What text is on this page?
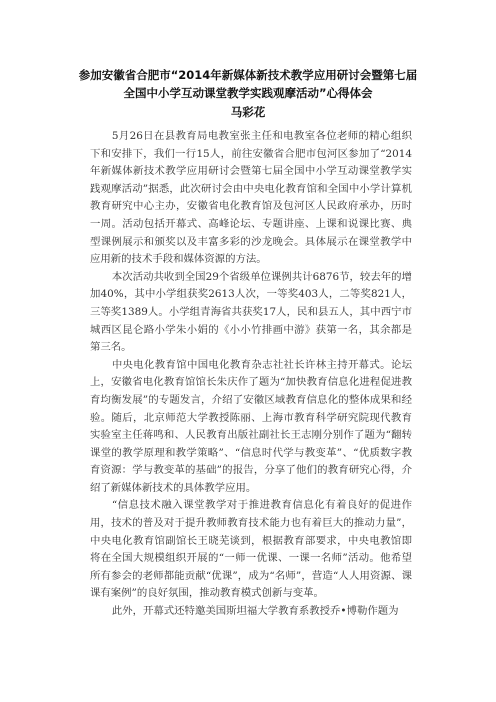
参加安徽省合肥市“2014年新媒体新技术教学应用研讨会暨第七届
全国中小学互动课堂教学实践观摩活动”心得体会
马彩花

5月26日在县教育局电教室张主任和电教室各位老师的精心组织下和安排下，我们一行15人，前往安徽省合肥市包河区参加了“2014年新媒体新技术教学应用研讨会暨第七届全国中小学互动课堂教学实践观摩活动”据悉，此次研讨会由中央电化教育馆和全国中小学计算机教育研究中心主办，安徽省电化教育馆及包河区人民政府承办，历时一周。活动包括开幕式、高峰论坛、专题讲座、上课和说课比赛、典型课例展示和颁奖以及丰富多彩的沙龙晚会。具体展示在课堂教学中应用新的技术手段和媒体资源的方法。

本次活动共收到全国29个省级单位课例共计6876节，较去年的增加40%，其中小学组获奖2613人次，一等奖403人，二等奖821人，三等奖1389人。小学组青海省共获奖17人，民和县五人，其中西宁市城西区昆仑路小学朱小娟的《小小竹排画中游》获第一名，其余都是第三名。

中央电化教育馆中国电化教育杂志社社长许林主持开幕式。论坛上，安徽省电化教育馆馆长朱庆作了题为“加快教育信息化进程促进教育均衡发展”的专题发言，介绍了安徽区域教育信息化的整体成果和经验。随后，北京师范大学教授陈丽、上海市教育科学研究院现代教育实验室主任蒋鸣和、人民教育出版社副社长王志刚分别作了题为“翻转课堂的教学原理和教学策略”、“信息时代学与教变革”、“优质数字教育资源：学与教变革的基础”的报告，分享了他们的教育研究心得，介绍了新媒体新技术的具体教学应用。

“信息技术融入课堂教学对于推进教育信息化有着良好的促进作用，技术的普及对于提升教师教育技术能力也有着巨大的推动力量”，中央电化教育馆副馆长王晓芜谈到，根据教育部要求，中央电教馆即将在全国大规模组织开展的“一师一优课、一课一名师”活动。他希望所有参会的老师都能贡献“优课”，成为“名师”，营造“人人用资源、课课有案例”的良好氛围，推动教育模式创新与变革。

此外，开幕式还特邀美国斯坦福大学教育系教授乔•博勒作题为
